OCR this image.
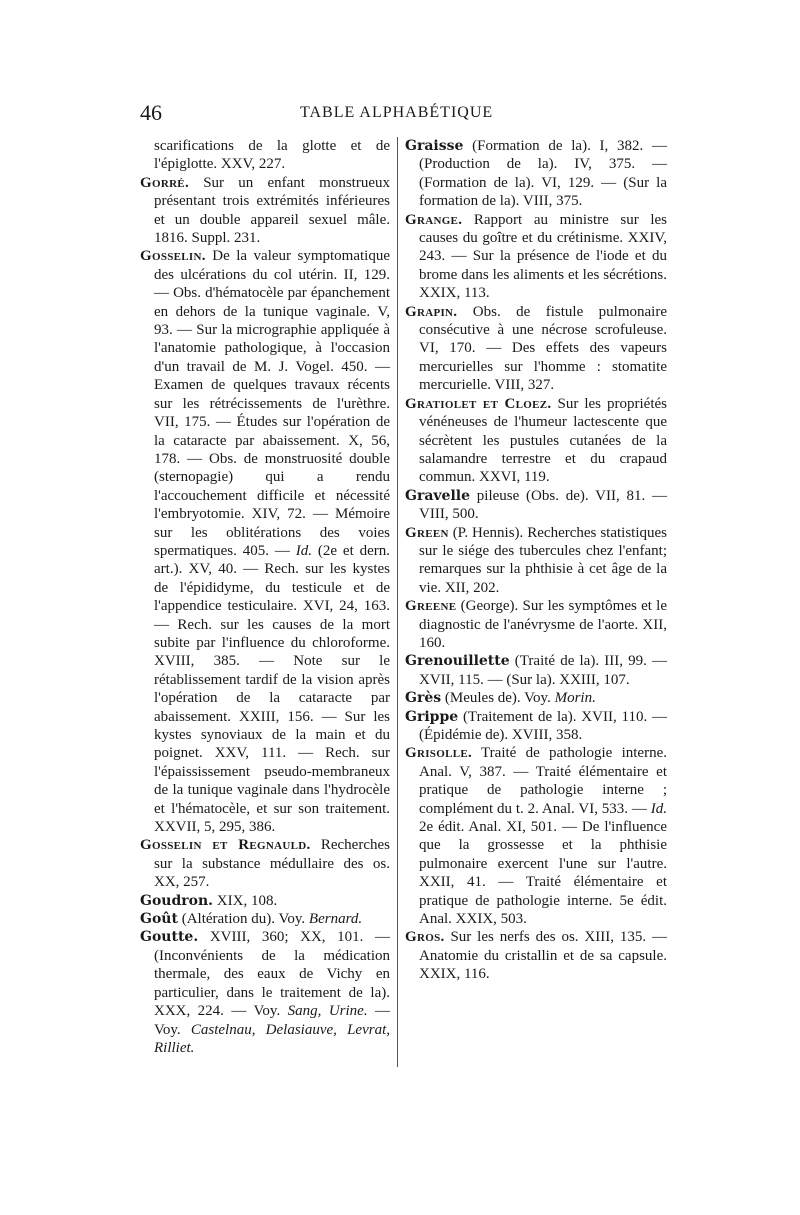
46	TABLE ALPHABÉTIQUE

scarifications de la glotte et de l'épiglotte. XXV, 227.

Gorré. Sur un enfant monstrueux présentant trois extrémités inférieures et un double appareil sexuel mâle. 1816. Suppl. 231.

Gosselin. De la valeur symptomatique des ulcérations du col utérin. II, 129. — Obs. d'hématocèle par épanchement en dehors de la tunique vaginale. V, 93. — Sur la micrographie appliquée à l'anatomie pathologique, à l'occasion d'un travail de M. J. Vogel. 450. — Examen de quelques travaux récents sur les rétrécissements de l'urèthre. VII, 175. — Études sur l'opération de la cataracte par abaissement. X, 56, 178. — Obs. de monstruosité double (sternopagie) qui a rendu l'accouchement difficile et nécessité l'embryotomie. XIV, 72. — Mémoire sur les oblitérations des voies spermatiques. 405. — Id. (2e et dern. art.). XV, 40. — Rech. sur les kystes de l'épididyme, du testicule et de l'appendice testiculaire. XVI, 24, 163. — Rech. sur les causes de la mort subite par l'influence du chloroforme. XVIII, 385. — Note sur le rétablissement tardif de la vision après l'opération de la cataracte par abaissement. XXIII, 156. — Sur les kystes synoviaux de la main et du poignet. XXV, 111. — Rech. sur l'épaississement pseudo-membraneux de la tunique vaginale dans l'hydrocèle et l'hématocèle, et sur son traitement. XXVII, 5, 295, 386.

Gosselin et Regnauld. Recherches sur la substance médullaire des os. XX, 257.

Goudron. XIX, 108.

Goût (Altération du). Voy. Bernard.

Goutte. XVIII, 360; XX, 101. — (Inconvénients de la médication thermale, des eaux de Vichy en particulier, dans le traitement de la). XXX, 224. — Voy. Sang, Urine. — Voy. Castelnau, Delasiauve, Levrat, Rilliet.

Graisse (Formation de la). I, 382. — (Production de la). IV, 375. — (Formation de la). VI, 129. — (Sur la formation de la). VIII, 375.

Grange. Rapport au ministre sur les causes du goître et du crétinisme. XXIV, 243. — Sur la présence de l'iode et du brome dans les aliments et les sécrétions. XXIX, 113.

Grapin. Obs. de fistule pulmonaire consécutive à une nécrose scrofuleuse. VI, 170. — Des effets des vapeurs mercurielles sur l'homme : stomatite mercurielle. VIII, 327.

Gratiolet et Cloez. Sur les propriétés vénéneuses de l'humeur lactescente que sécrètent les pustules cutanées de la salamandre terrestre et du crapaud commun. XXVI, 119.

Gravelle pileuse (Obs. de). VII, 81. — VIII, 500.

Green (P. Hennis). Recherches statistiques sur le siége des tubercules chez l'enfant; remarques sur la phthisie à cet âge de la vie. XII, 202.

Greene (George). Sur les symptômes et le diagnostic de l'anévrysme de l'aorte. XII, 160.

Grenouillette (Traité de la). III, 99. — XVII, 115. — (Sur la). XXIII, 107.

Grès (Meules de). Voy. Morin.

Grippe (Traitement de la). XVII, 110. — (Épidémie de). XVIII, 358.

Grisolle. Traité de pathologie interne. Anal. V, 387. — Traité élémentaire et pratique de pathologie interne ; complément du t. 2. Anal. VI, 533. — Id. 2e édit. Anal. XI, 501. — De l'influence que la grossesse et la phthisie pulmonaire exercent l'une sur l'autre. XXII, 41. — Traité élémentaire et pratique de pathologie interne. 5e édit. Anal. XXIX, 503.

Gros. Sur les nerfs des os. XIII, 135. — Anatomie du cristallin et de sa capsule. XXIX, 116.
